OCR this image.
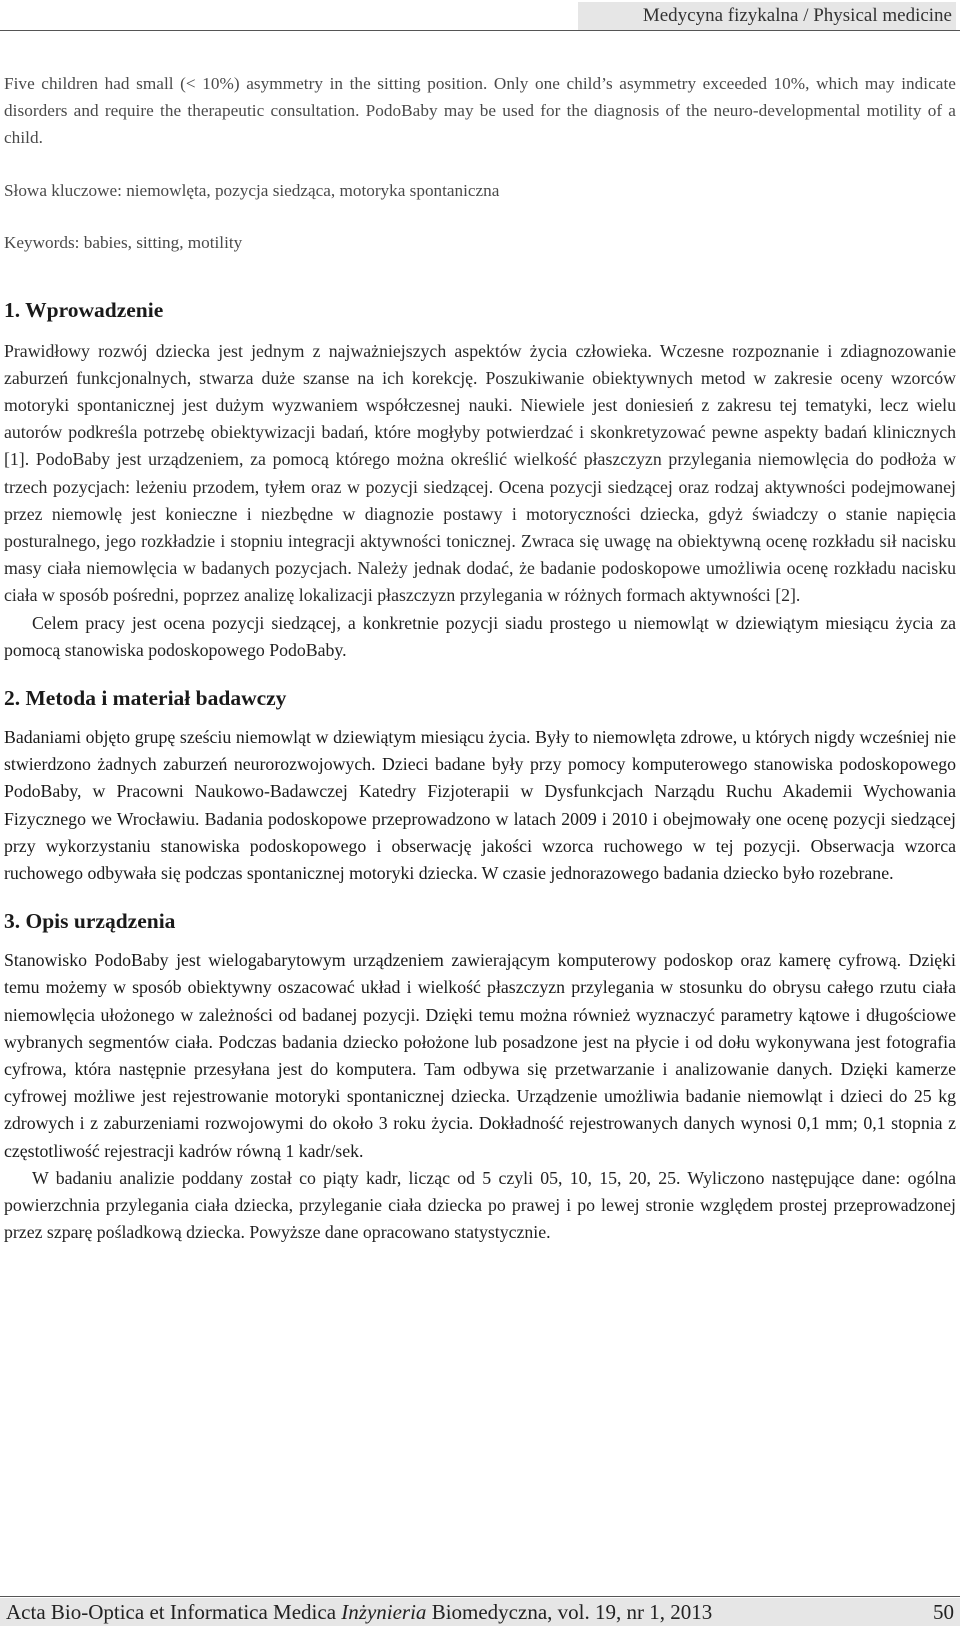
Medycyna fizykalna / Physical medicine

Five children had small (< 10%) asymmetry in the sitting position. Only one child’s asymmetry exceeded 10%, which may indicate disorders and require the therapeutic consultation. PodoBaby may be used for the diagnosis of the neuro-developmental motility of a child.

Słowa kluczowe: niemowlęta, pozycja siedząca, motoryka spontaniczna

Keywords: babies, sitting, motility

1. Wprowadzenie

Prawidłowy rozwój dziecka jest jednym z najważniejszych aspektów życia człowieka. Wczesne rozpoznanie i zdiagnozowanie zaburzeń funkcjonalnych, stwarza duże szanse na ich korekcję. Poszukiwanie obiektywnych metod w zakresie oceny wzorców motoryki spontanicznej jest dużym wyzwaniem współczesnej nauki. Niewiele jest doniesień z zakresu tej tematyki, lecz wielu autorów podkreśla potrzebę obiektywizacji badań, które mogłyby potwierdzać i skonkretyzować pewne aspekty badań klinicznych [1]. PodoBaby jest urządzeniem, za pomocą którego można określić wielkość płaszczyzn przylegania niemowlęcia do podłoża w trzech pozycjach: leżeniu przodem, tyłem oraz w pozycji siedzącej. Ocena pozycji siedzącej oraz rodzaj aktywności podejmowanej przez niemowlę jest konieczne i niezbędne w diagnozie postawy i motoryczności dziecka, gdyż świadczy o stanie napięcia posturalnego, jego rozkładzie i stopniu integracji aktywności tonicznej. Zwraca się uwagę na obiektywną ocenę rozkładu sił nacisku masy ciała niemowlęcia w badanych pozycjach. Należy jednak dodać, że badanie podoskopowe umożliwia ocenę rozkładu nacisku ciała w sposób pośredni, poprzez analizę lokalizacji płaszczyzn przylegania w różnych formach aktywności [2].

Celem pracy jest ocena pozycji siedzącej, a konkretnie pozycji siadu prostego u niemowląt w dziewiątym miesiącu życia za pomocą stanowiska podoskopowego PodoBaby.

2. Metoda i materiał badawczy

Badaniami objęto grupę sześciu niemowląt w dziewiątym miesiącu życia. Były to niemowlęta zdrowe, u których nigdy wcześniej nie stwierdzono żadnych zaburzeń neurorozwojowych. Dzieci badane były przy pomocy komputerowego stanowiska podoskopowego PodoBaby, w Pracowni Naukowo-Badawczej Katedry Fizjoterapii w Dysfunkcjach Narządu Ruchu Akademii Wychowania Fizycznego we Wrocławiu. Badania podoskopowe przeprowadzono w latach 2009 i 2010 i obejmowały one ocenę pozycji siedzącej przy wykorzystaniu stanowiska podoskopowego i obserwację jakości wzorca ruchowego w tej pozycji. Obserwacja wzorca ruchowego odbywała się podczas spontanicznej motoryki dziecka. W czasie jednorazowego badania dziecko było rozebrane.

3. Opis urządzenia

Stanowisko PodoBaby jest wielogabarytowym urządzeniem zawierającym komputerowy podoskop oraz kamerę cyfrową. Dzięki temu możemy w sposób obiektywny oszacować układ i wielkość płaszczyzn przylegania w stosunku do obrysu całego rzutu ciała niemowlęcia ułożonego w zależności od badanej pozycji. Dzięki temu można również wyznaczyć parametry kątowe i długościowe wybranych segmentów ciała. Podczas badania dziecko położone lub posadzone jest na płycie i od dołu wykonywana jest fotografia cyfrowa, która następnie przesyłana jest do komputera. Tam odbywa się przetwarzanie i analizowanie danych. Dzięki kamerze cyfrowej możliwe jest rejestrowanie motoryki spontanicznej dziecka. Urządzenie umożliwia badanie niemowląt i dzieci do 25 kg zdrowych i z zaburzeniami rozwojowymi do około 3 roku życia. Dokładność rejestrowanych danych wynosi 0,1 mm; 0,1 stopnia z częstotliwość rejestracji kadrów równą 1 kadr/sek.

W badaniu analizie poddany został co piąty kadr, licząc od 5 czyli 05, 10, 15, 20, 25. Wyliczono następujące dane: ogólna powierzchnia przylegania ciała dziecka, przyleganie ciała dziecka po prawej i po lewej stronie względem prostej przeprowadzonej przez szparę pośladkową dziecka. Powyższe dane opracowano statystycznie.

Acta Bio-Optica et Informatica Medica Inżynieria Biomedyczna, vol. 19, nr 1, 2013	50
